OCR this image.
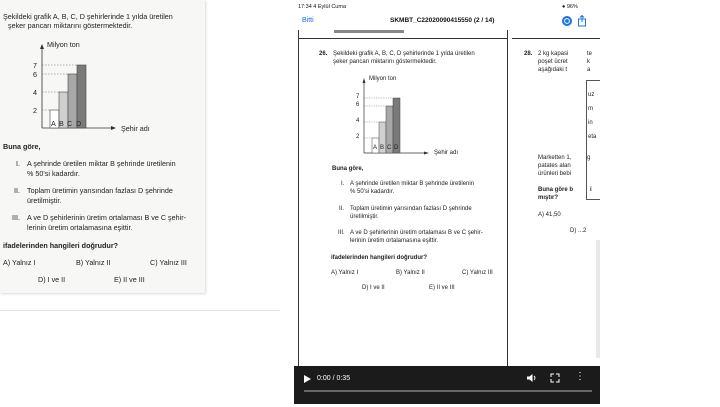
Şekildeki grafik A, B, C, D şehirlerinde 1 yılda üretilen
şeker pancarı miktarını göstermektedir.
Milyon ton
7
6
4
2
A B C D
Şehir adı
Buna göre,
I. A şehrinde üretilen miktar B şehrinde üretilenin
% 50'si kadardır.
II. Toplam üretimin yarısından fazlası D şehrinde
üretilmiştir.
III. A ve D şehirlerinin üretim ortalaması B ve C şehir-
lerinin üretim ortalamasına eşittir.
ifadelerinden hangileri doğrudur?
A) Yalnız I	B) Yalnız II	C) Yalnız III
D) I ve II	E) II ve III
17:34 4 Eylül Cuma	● 96%
Bitti	SKMBT_C22020090415550 (2 / 14)
26. Şekildeki grafik A, B, C, D şehirlerinde 1 yılda üretilen
şeker pancarı miktarını göstermektedir.
Milyon ton
7
6
4
2
A B C D
Şehir adı
Buna göre,
I. A şehrinde üretilen miktar B şehrinde üretilenin
% 50'si kadardır.
II. Toplam üretimin yarısından fazlası D şehrinde
üretilmiştir.
III. A ve D şehirlerinin üretim ortalaması B ve C şehir-
lerinin üretim ortalamasına eşittir.
ifadelerinden hangileri doğrudur?
A) Yalnız I	B) Yalnız II	C) Yalnız III
D) I ve II	E) II ve III
28. 2 kg kapasi	te
poşet ücret	k
aşağıdaki t	a
uz
m
in
eta
Marketten 1,	g
patates alan
ürünleri bebi
Buna göre b	i
mıştır?
A) 41,50
D) ...2
0:00 / 0:35	⋮
